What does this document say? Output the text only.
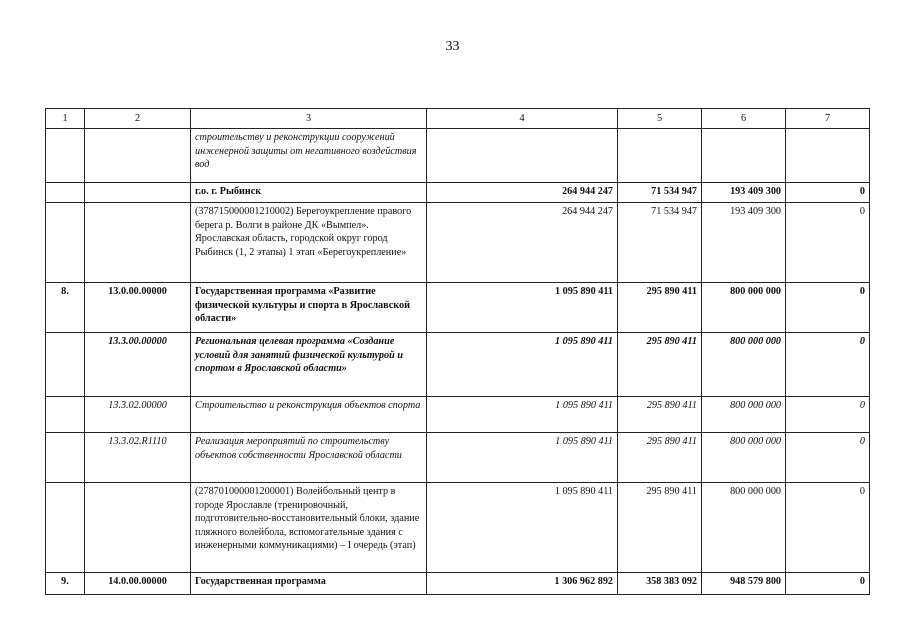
33
1	2	3	4	5	6	7
		строительству и реконструкции сооружений инженерной защиты от негативного воздействия вод				
		г.о. г. Рыбинск	264 944 247	71 534 947	193 409 300	0
		(378715000001210002) Берегоукрепление правого берега р. Волги в районе ДК «Вымпел». Ярославская область, городской округ город Рыбинск (1, 2 этапы) 1 этап «Берегоукрепление»	264 944 247	71 534 947	193 409 300	0
8.	13.0.00.00000	Государственная программа «Развитие физической культуры и спорта в Ярославской области»	1 095 890 411	295 890 411	800 000 000	0
	13.3.00.00000	Региональная целевая программа «Создание условий для занятий физической культурой и спортом в Ярославской области»	1 095 890 411	295 890 411	800 000 000	0
	13.3.02.00000	Строительство и реконструкция объектов спорта	1 095 890 411	295 890 411	800 000 000	0
	13.3.02.R1110	Реализация мероприятий по строительству объектов собственности Ярославской области	1 095 890 411	295 890 411	800 000 000	0
		(278701000001200001) Волейбольный центр в городе Ярославле (тренировочный, подготовительно-восстановительный блоки, здание пляжного волейбола, вспомогательные здания с инженерными коммуникациями) – I очередь (этап)	1 095 890 411	295 890 411	800 000 000	0
9.	14.0.00.00000	Государственная программа	1 306 962 892	358 383 092	948 579 800	0
